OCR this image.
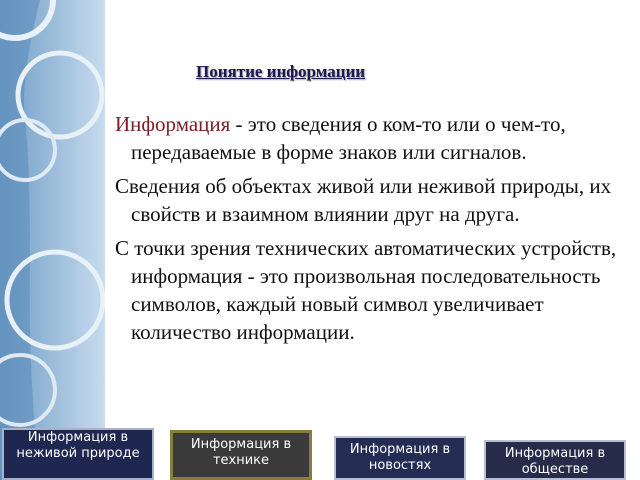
Понятие информации

Информация - это сведения о ком-то или о чем-то, передаваемые в форме знаков или сигналов.

Сведения об объектах живой или неживой природы, их свойств и взаимном влиянии друг на друга.

С точки зрения технических автоматических устройств, информация - это произвольная последовательность символов, каждый новый символ увеличивает количество информации.

Информация в неживой природе
Информация в технике
Информация в новостях
Информация в обществе
